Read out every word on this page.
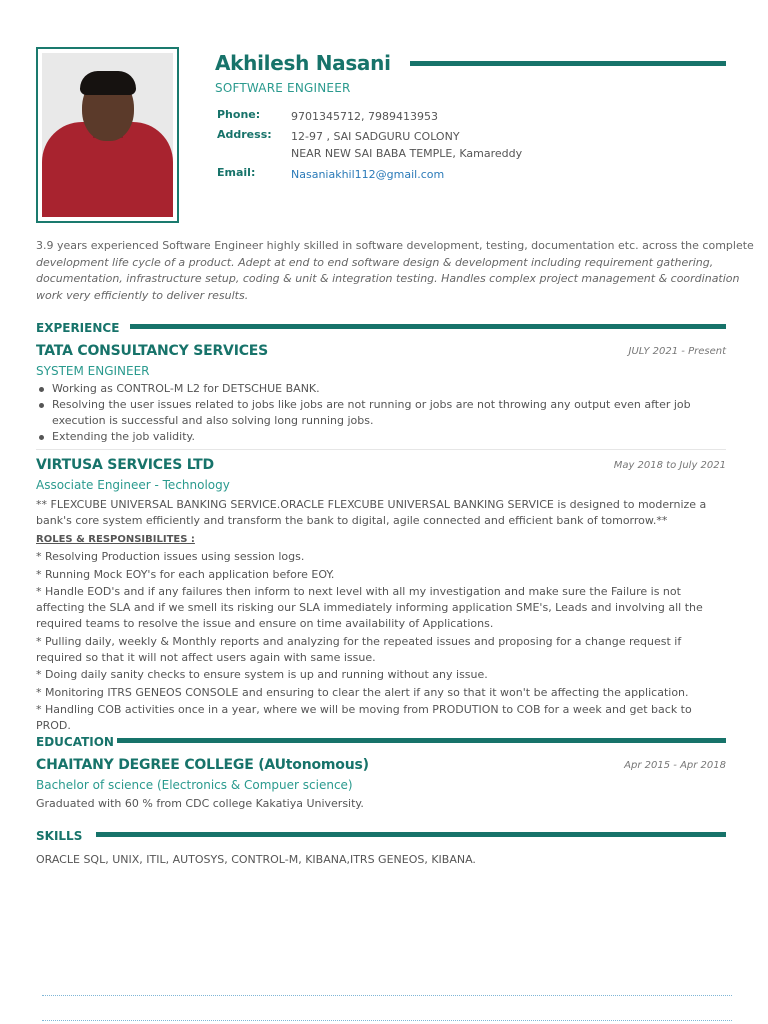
Akhilesh Nasani
SOFTWARE ENGINEER
Phone:	9701345712, 7989413953
Address: 12-97 , SAI SADGURU COLONY
NEAR NEW SAI BABA TEMPLE, Kamareddy
Email:	Nasaniakhil112@gmail.com
3.9 years experienced Software Engineer highly skilled in software development, testing, documentation etc. across the complete development life cycle of a product. Adept at end to end software design & development including requirement gathering, documentation, infrastructure setup, coding & unit & integration testing. Handles complex project management & coordination work very efficiently to deliver results.
EXPERIENCE
TATA CONSULTANCY SERVICES	JULY 2021 - Present
SYSTEM ENGINEER
Working as CONTROL-M L2 for DETSCHUE BANK.
Resolving the user issues related to jobs like jobs are not running or jobs are not throwing any output even after job execution is successful and also solving long running jobs.
Extending the job validity.
VIRTUSA SERVICES LTD	May 2018 to July 2021
Associate Engineer - Technology

** FLEXCUBE UNIVERSAL BANKING SERVICE.ORACLE FLEXCUBE UNIVERSAL BANKING SERVICE is designed to modernize a bank's core system efficiently and transform the bank to digital, agile connected and efficient bank of tomorrow.**

ROLES & RESPONSIBILITES :

* Resolving Production issues using session logs.

* Running Mock EOY's for each application before EOY.

* Handle EOD's and if any failures then inform to next level with all my investigation and make sure the Failure is not affecting the SLA and if we smell its risking our SLA immediately informing application SME's, Leads and involving all the required teams to resolve the issue and ensure on time availability of Applications.

* Pulling daily, weekly & Monthly reports and analyzing for the repeated issues and proposing for a change request if required so that it will not affect users again with same issue.

* Doing daily sanity checks to ensure system is up and running without any issue.

* Monitoring ITRS GENEOS CONSOLE and ensuring to clear the alert if any so that it won't be affecting the application.

* Handling COB activities once in a year, where we will be moving from PRODUTION to COB for a week and get back to PROD.

EDUCATION
CHAITANY DEGREE COLLEGE (AUtonomous)	Apr 2015 - Apr 2018
Bachelor of science (Electronics & Compuer science)
Graduated with 60 % from CDC college Kakatiya University.
SKILLS
ORACLE SQL, UNIX, ITIL, AUTOSYS, CONTROL-M, KIBANA,ITRS GENEOS, KIBANA.
